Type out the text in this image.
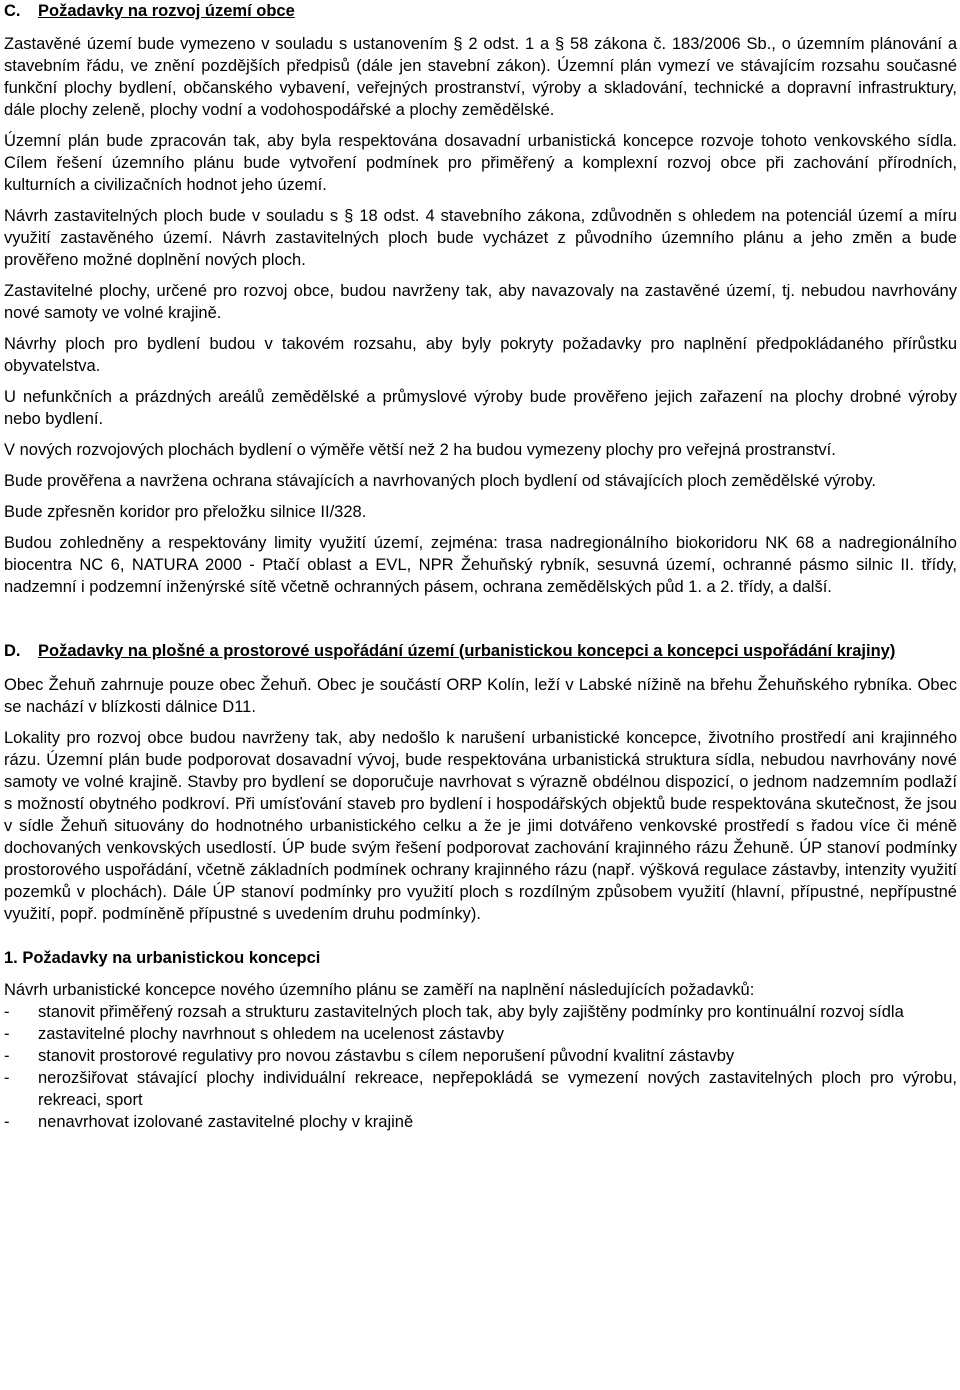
C.	Požadavky na rozvoj území obce

Zastavěné území bude vymezeno v souladu s ustanovením § 2 odst. 1 a § 58 zákona č. 183/2006 Sb., o územním plánování a stavebním řádu, ve znění pozdějších předpisů (dále jen stavební zákon). Územní plán vymezí ve stávajícím rozsahu současné funkční plochy bydlení, občanského vybavení, veřejných prostranství, výroby a skladování, technické a dopravní infrastruktury, dále plochy zeleně, plochy vodní a vodohospodářské a plochy zemědělské.

Územní plán bude zpracován tak, aby byla respektována dosavadní urbanistická koncepce rozvoje tohoto venkovského sídla. Cílem řešení územního plánu bude vytvoření podmínek pro přiměřený a komplexní rozvoj obce při zachování přírodních, kulturních a civilizačních hodnot jeho území.

Návrh zastavitelných ploch bude v souladu s § 18 odst. 4 stavebního zákona, zdůvodněn s ohledem na potenciál území a míru využití zastavěného území. Návrh zastavitelných ploch bude vycházet z původního územního plánu a jeho změn a bude prověřeno možné doplnění nových ploch.

Zastavitelné plochy, určené pro rozvoj obce, budou navrženy tak, aby navazovaly na zastavěné území, tj. nebudou navrhovány nové samoty ve volné krajině.

Návrhy ploch pro bydlení budou v takovém rozsahu, aby byly pokryty požadavky pro naplnění předpokládaného přírůstku obyvatelstva.

U nefunkčních a prázdných areálů zemědělské a průmyslové výroby bude prověřeno jejich zařazení na plochy drobné výroby nebo bydlení.

V nových rozvojových plochách bydlení o výměře větší než 2 ha budou vymezeny plochy pro veřejná prostranství.

Bude prověřena a navržena ochrana stávajících a navrhovaných ploch bydlení od stávajících ploch zemědělské výroby.

Bude zpřesněn koridor pro přeložku silnice II/328.

Budou zohledněny a respektovány limity využití území, zejména: trasa nadregionálního biokoridoru NK 68 a nadregionálního biocentra NC 6, NATURA 2000 - Ptačí oblast a EVL, NPR Žehuňský rybník, sesuvná území, ochranné pásmo silnic II. třídy, nadzemní i podzemní inženýrské sítě včetně ochranných pásem, ochrana zemědělských půd 1. a 2. třídy, a další.

D.	Požadavky na plošné a prostorové uspořádání území (urbanistickou koncepci a koncepci uspořádání krajiny)

Obec Žehuň zahrnuje pouze obec Žehuň. Obec je součástí ORP Kolín, leží v Labské nížině na břehu Žehuňského rybníka. Obec se nachází v blízkosti dálnice D11.

Lokality pro rozvoj obce budou navrženy tak, aby nedošlo k narušení urbanistické koncepce, životního prostředí ani krajinného rázu. Územní plán bude podporovat dosavadní vývoj, bude respektována urbanistická struktura sídla, nebudou navrhovány nové samoty ve volné krajině. Stavby pro bydlení se doporučuje navrhovat s výrazně obdélnou dispozicí, o jednom nadzemním podlaží s možností obytného podkroví. Při umísťování staveb pro bydlení i hospodářských objektů bude respektována skutečnost, že jsou v sídle Žehuň situovány do hodnotného urbanistického celku a že je jimi dotvářeno venkovské prostředí s řadou více či méně dochovaných venkovských usedlostí. ÚP bude svým řešení podporovat zachování krajinného rázu Žehuně. ÚP stanoví podmínky prostorového uspořádání, včetně základních podmínek ochrany krajinného rázu (např. výšková regulace zástavby, intenzity využití pozemků v plochách). Dále ÚP stanoví podmínky pro využití ploch s rozdílným způsobem využití (hlavní, přípustné, nepřípustné využití, popř. podmíněně přípustné s uvedením druhu podmínky).

1. Požadavky na urbanistickou koncepci

Návrh urbanistické koncepce nového územního plánu se zaměří na naplnění následujících požadavků:

-	stanovit přiměřený rozsah a strukturu zastavitelných ploch tak, aby byly zajištěny podmínky pro kontinuální rozvoj sídla
-	zastavitelné plochy navrhnout s ohledem na ucelenost zástavby
-	stanovit prostorové regulativy pro novou zástavbu s cílem neporušení původní kvalitní zástavby
-	nerozšiřovat stávající plochy individuální rekreace, nepřepokládá se vymezení nových zastavitelných ploch pro výrobu, rekreaci, sport
-	nenavrhovat izolované zastavitelné plochy v krajině
